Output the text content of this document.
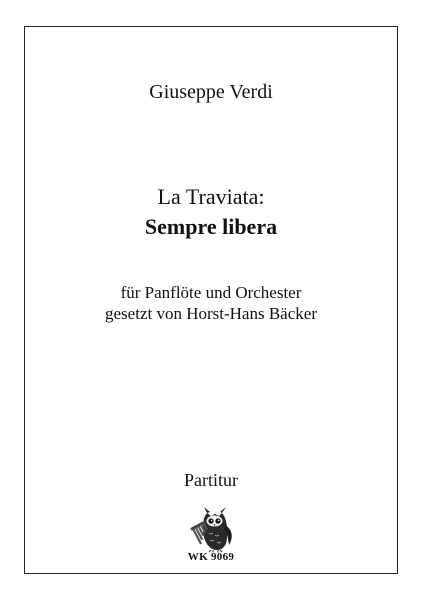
Giuseppe Verdi
La Traviata:
Sempre libera
für Panflöte und Orchester
gesetzt von Horst-Hans Bäcker
Partitur
WK 9069
